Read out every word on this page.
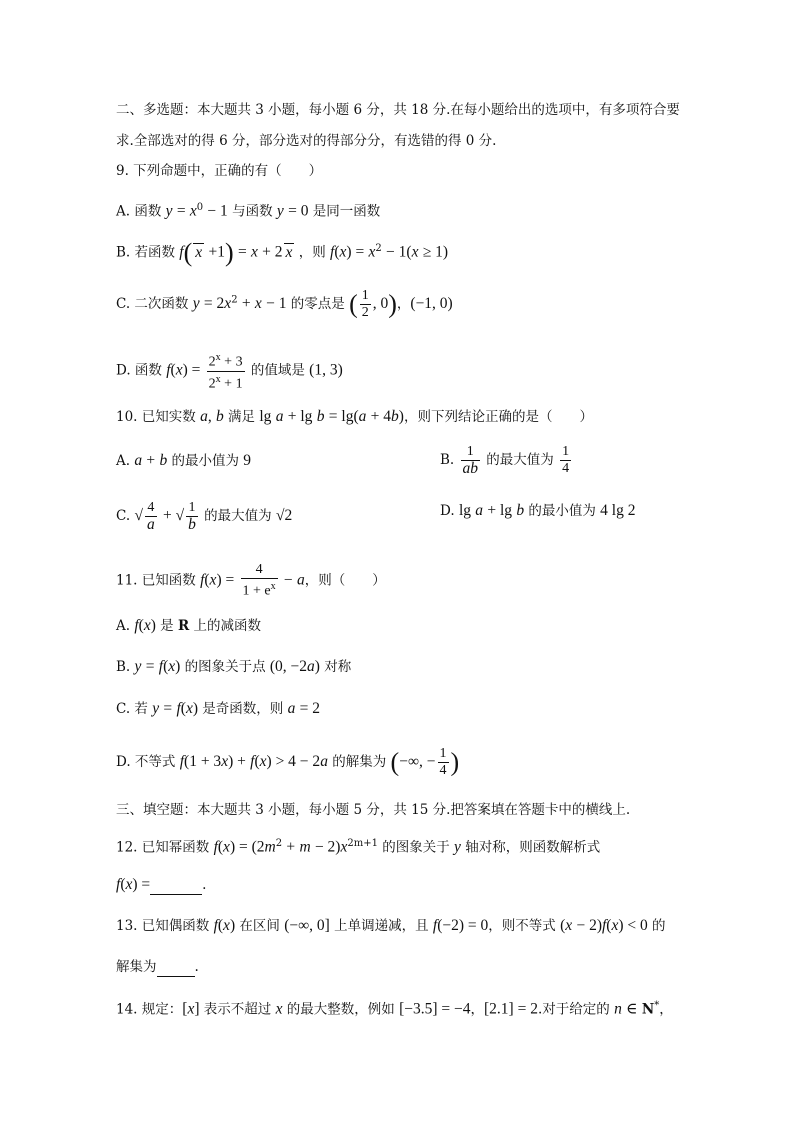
二、多选题：本大题共 3 小题，每小题 6 分，共 18 分.在每小题给出的选项中，有多项符合要
求.全部选对的得 6 分，部分选对的得部分分，有选错的得 0 分.
9. 下列命题中，正确的有（　　）
A. 函数 $y = x^0 - 1$ 与函数 y = 0 是同一函数
B. 若函数 f( x +1) = x + 2 x ，则 $f(x) = x^2 - 1(x \ge 1)$
C. 二次函数 $y = 2x^2 + x - 1$ 的零点是 ( $\frac{1}{2}$ , 0)，(−1, 0)
D. 函数 $f(x) = \frac{2^x + 3}{2^x + 1}$ 的值域是 (1, 3)
10. 已知实数 a, b 满足 lg a + lg b = lg(a + 4b)，则下列结论正确的是（　　）
A. a + b 的最小值为 9	B. $\frac{1}{ab}$ 的最大值为 $\frac{1}{4}$
C. √ $\frac{4}{a}$ + √ $\frac{1}{b}$ 的最大值为 √2	D. lg a + lg b 的最小值为 4 lg 2
11. 已知函数 $f(x) = \frac{4}{1 + e^x} - a$，则（　　）
A. f(x) 是 R 上的减函数
B. y = f(x) 的图象关于点 (0, −2a) 对称
C. 若 y = f(x) 是奇函数，则 a = 2
D. 不等式 f(1 + 3x) + f(x) > 4 − 2a 的解集为 (−∞, − $\frac{1}{4}$ )
三、填空题：本大题共 3 小题，每小题 5 分，共 15 分.把答案填在答题卡中的横线上.
12. 已知幂函数 $f(x) = (2m^2 + m - 2)x^{2m+1}$ 的图象关于 y 轴对称，则函数解析式
f(x) =	.
13. 已知偶函数 f(x) 在区间 (−∞, 0] 上单调递减，且 f(−2) = 0，则不等式 (x − 2)f(x) < 0 的
解集为	.
14. 规定：[x] 表示不超过 x 的最大整数，例如 [−3.5] = −4，[2.1] = 2.对于给定的 n ∈ N*，
